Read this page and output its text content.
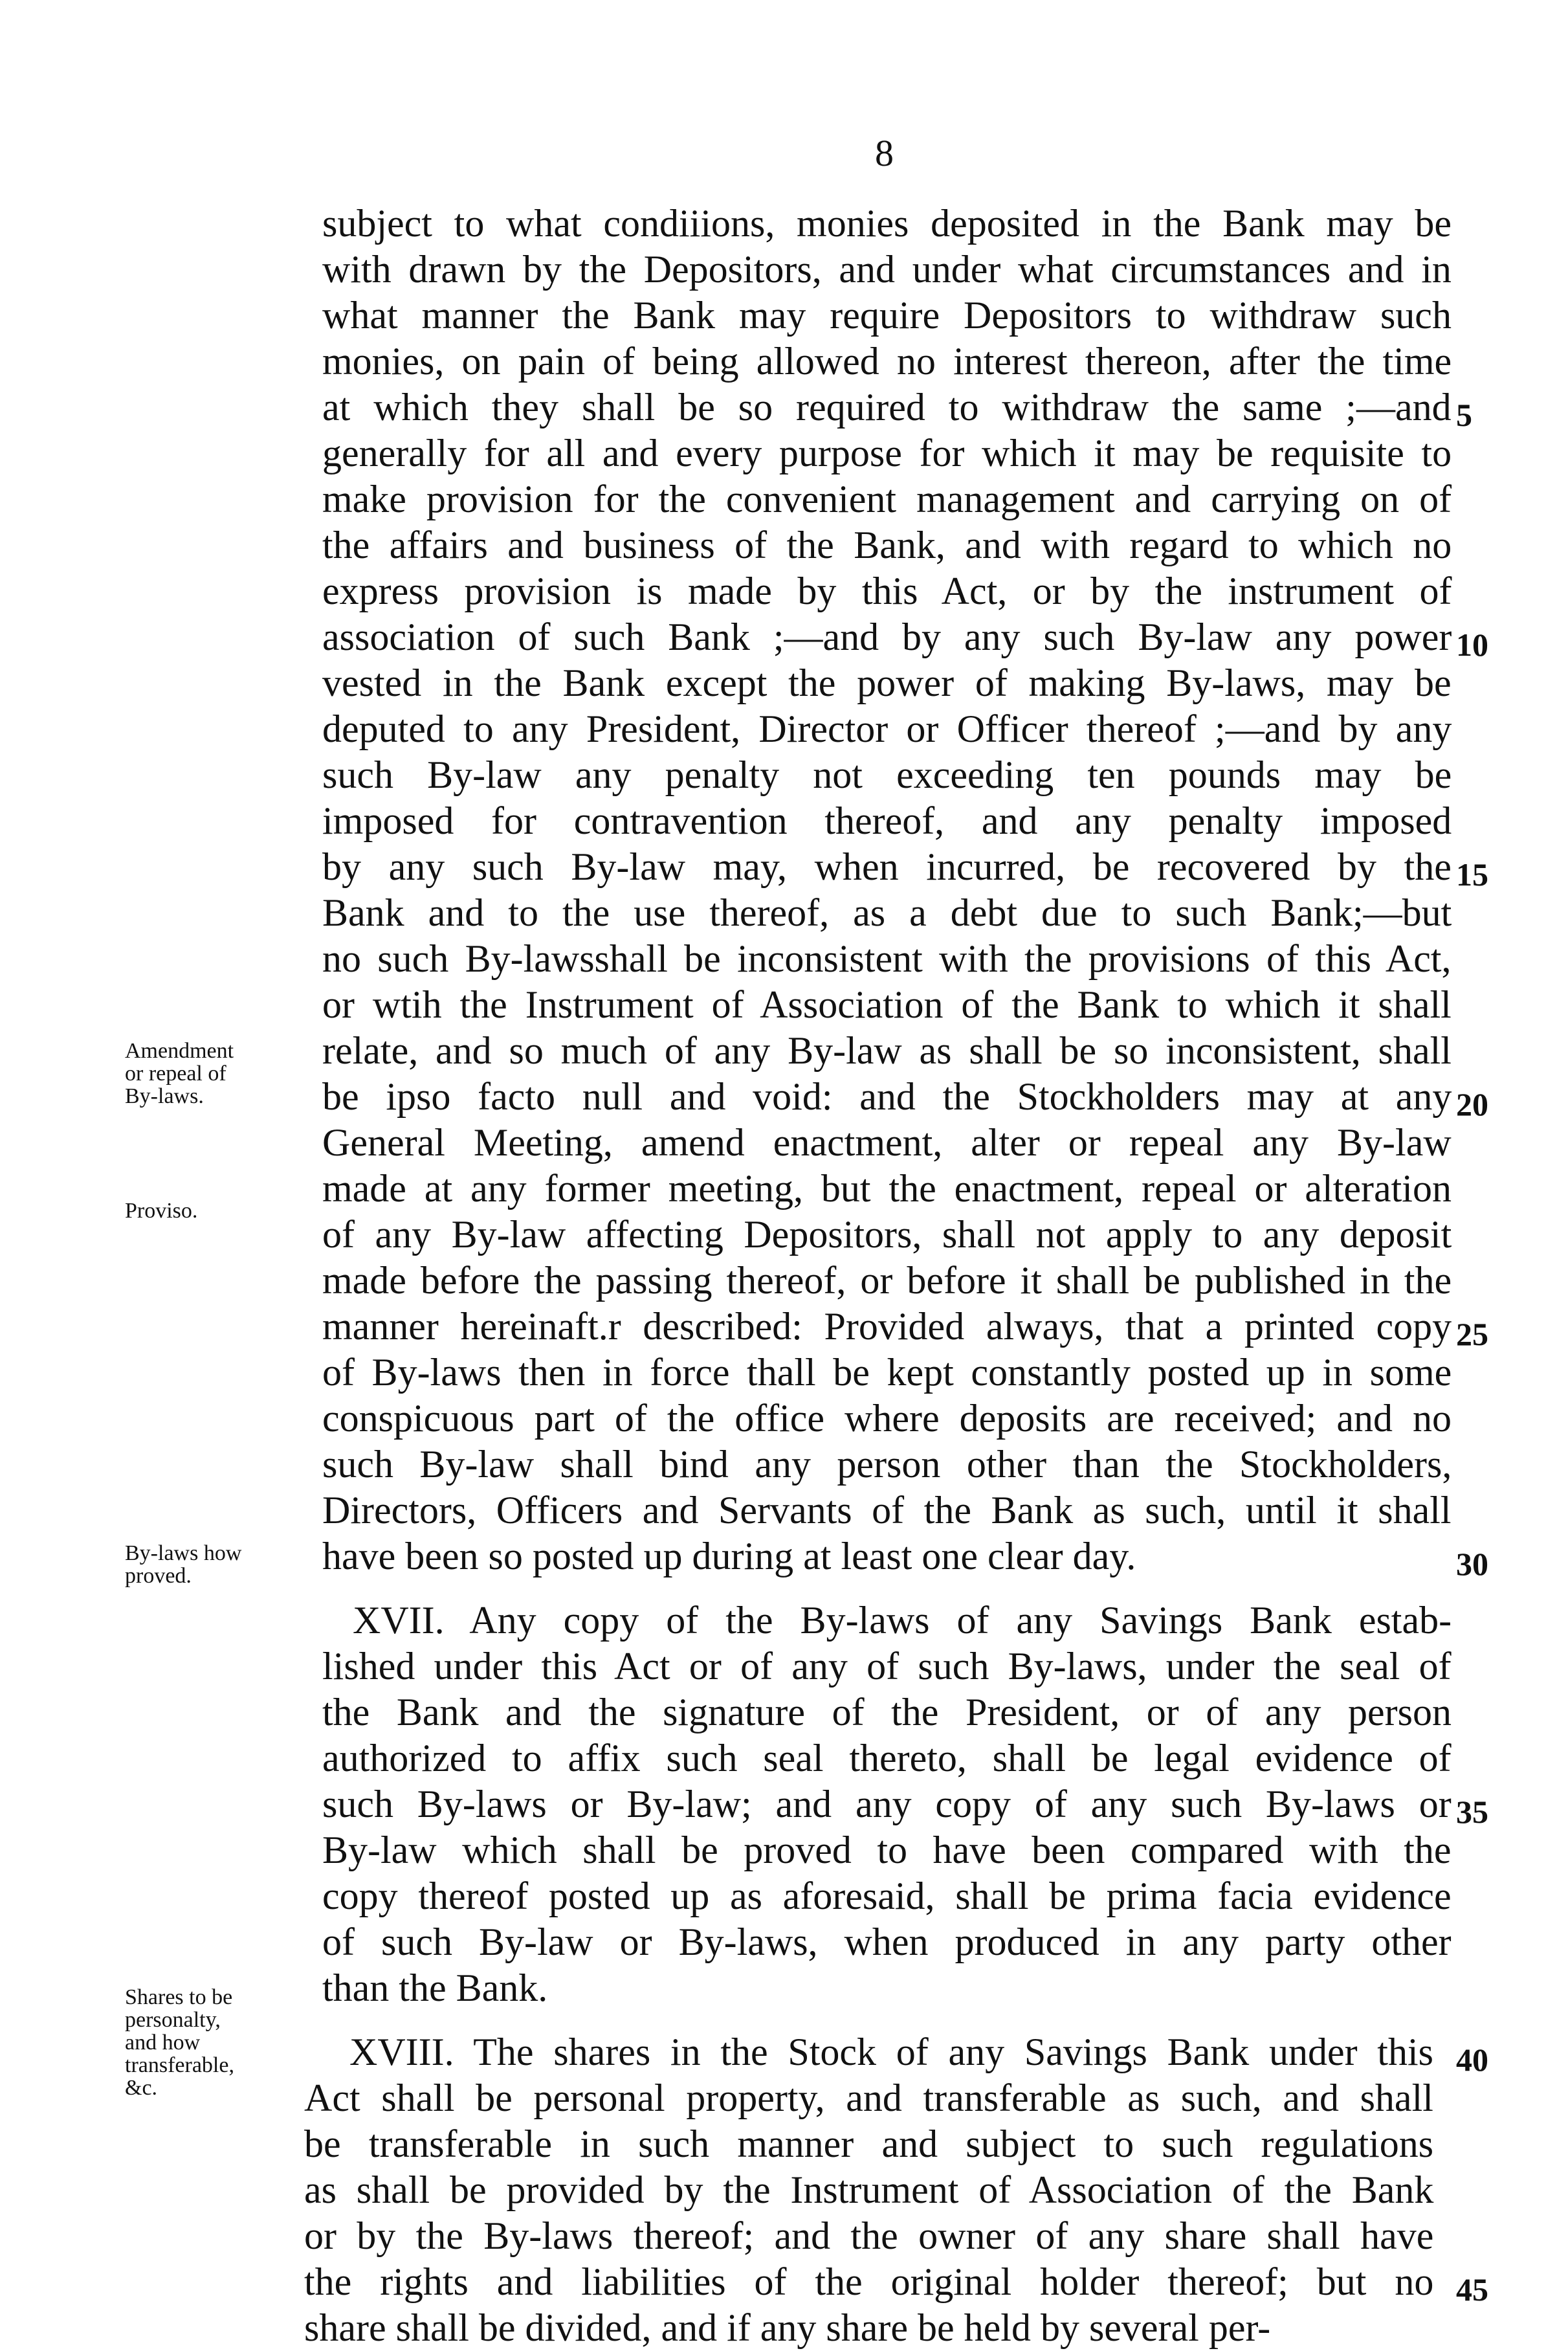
8
subject to what condiiions, monies deposited in the Bank may be
with drawn by the Depositors, and under what circumstances and in
what manner the Bank may require Depositors to withdraw such
monies, on pain of being allowed no interest thereon, after the time
at which they shall be so required to withdraw the same ;—and
generally for all and every purpose for which it may be requisite to
make provision for the convenient management and carrying on of
the affairs and business of the Bank, and with regard to which no
express provision is made by this Act, or by the instrument of
association of such Bank ;—and by any such By-law any power
vested in the Bank except the power of making By-laws, may be
deputed to any President, Director or Officer thereof ;—and by any
such By-law any penalty not exceeding ten pounds may be
imposed for contravention thereof, and any penalty imposed
by any such By-law may, when incurred, be recovered by the
Bank and to the use thereof, as a debt due to such Bank;—but
no such By-lawsshall be inconsistent with the provisions of this Act,
or wtih the Instrument of Association of the Bank to which it shall
relate, and so much of any By-law as shall be so inconsistent, shall
be ipso facto null and void: and the Stockholders may at any
General Meeting, amend enactment, alter or repeal any By-law
made at any former meeting, but the enactment, repeal or alteration
of any By-law affecting Depositors, shall not apply to any deposit
made before the passing thereof, or before it shall be published in the
manner hereinaft.r described: Provided always, that a printed copy
of By-laws then in force thall be kept constantly posted up in some
conspicuous part of the office where deposits are received; and no
such By-law shall bind any person other than the Stockholders,
Directors, Officers and Servants of the Bank as such, until it shall
have been so posted up during at least one clear day.
XVII. Any copy of the By-laws of any Savings Bank estab-
lished under this Act or of any of such By-laws, under the seal of
the Bank and the signature of the President, or of any person
authorized to affix such seal thereto, shall be legal evidence of
such By-laws or By-law; and any copy of any such By-laws or
By-law which shall be proved to have been compared with the
copy thereof posted up as aforesaid, shall be prima facia evidence
of such By-law or By-laws, when produced in any party other
than the Bank.
XVIII. The shares in the Stock of any Savings Bank under this
Act shall be personal property, and transferable as such, and shall
be transferable in such manner and subject to such regulations
as shall be provided by the Instrument of Association of the Bank
or by the By-laws thereof; and the owner of any share shall have
the rights and liabilities of the original holder thereof; but no
share shall be divided, and if any share be held by several per-
5
10
15
20
25
30
35
40
45
Amendment
or repeal of
By-laws.
Proviso.
By-laws how
proved.
Shares to be
personalty,
and how
transferable,
&c.
